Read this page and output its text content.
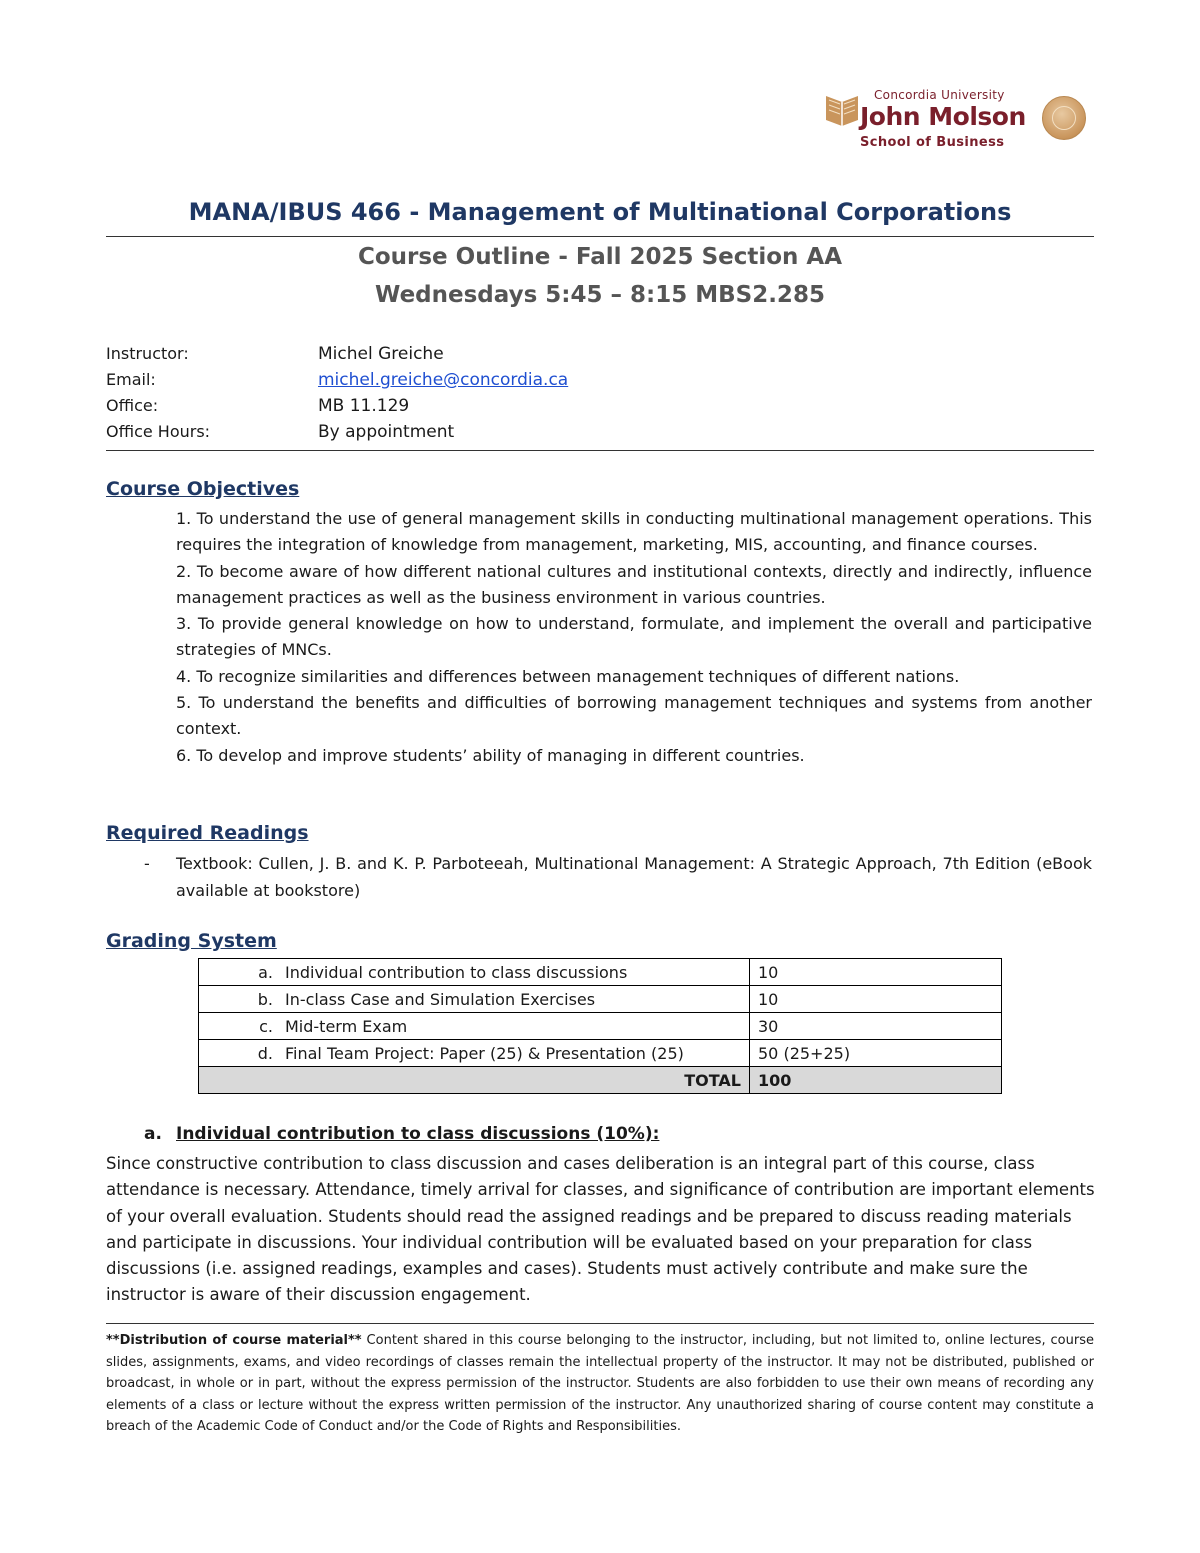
Concordia University
John Molson
School of Business
MANA/IBUS 466 - Management of Multinational Corporations
Course Outline - Fall 2025 Section AA
Wednesdays 5:45 – 8:15 MBS2.285
Instructor:	Michel Greiche
Email:	michel.greiche@concordia.ca
Office:	MB 11.129
Office Hours:	By appointment
Course Objectives

1. To understand the use of general management skills in conducting multinational management operations. This requires the integration of knowledge from management, marketing, MIS, accounting, and finance courses.

2. To become aware of how different national cultures and institutional contexts, directly and indirectly, influence management practices as well as the business environment in various countries.

3. To provide general knowledge on how to understand, formulate, and implement the overall and participative strategies of MNCs.

4. To recognize similarities and differences between management techniques of different nations.

5. To understand the benefits and difficulties of borrowing management techniques and systems from another context.

6. To develop and improve students’ ability of managing in different countries.

Required Readings
- Textbook: Cullen, J. B. and K. P. Parboteeah, Multinational Management: A Strategic Approach, 7th Edition (eBook available at bookstore)
Grading System
a. Individual contribution to class discussions	10
b. In-class Case and Simulation Exercises	10
c. Mid-term Exam	30
d. Final Team Project: Paper (25) & Presentation (25)	50 (25+25)
TOTAL	100
a. Individual contribution to class discussions (10%):
Since constructive contribution to class discussion and cases deliberation is an integral part of this course, class attendance is necessary. Attendance, timely arrival for classes, and significance of contribution are important elements of your overall evaluation. Students should read the assigned readings and be prepared to discuss reading materials and participate in discussions. Your individual contribution will be evaluated based on your preparation for class discussions (i.e. assigned readings, examples and cases). Students must actively contribute and make sure the instructor is aware of their discussion engagement.
**Distribution of course material** Content shared in this course belonging to the instructor, including, but not limited to, online lectures, course slides, assignments, exams, and video recordings of classes remain the intellectual property of the instructor. It may not be distributed, published or broadcast, in whole or in part, without the express permission of the instructor. Students are also forbidden to use their own means of recording any elements of a class or lecture without the express written permission of the instructor. Any unauthorized sharing of course content may constitute a breach of the Academic Code of Conduct and/or the Code of Rights and Responsibilities.
